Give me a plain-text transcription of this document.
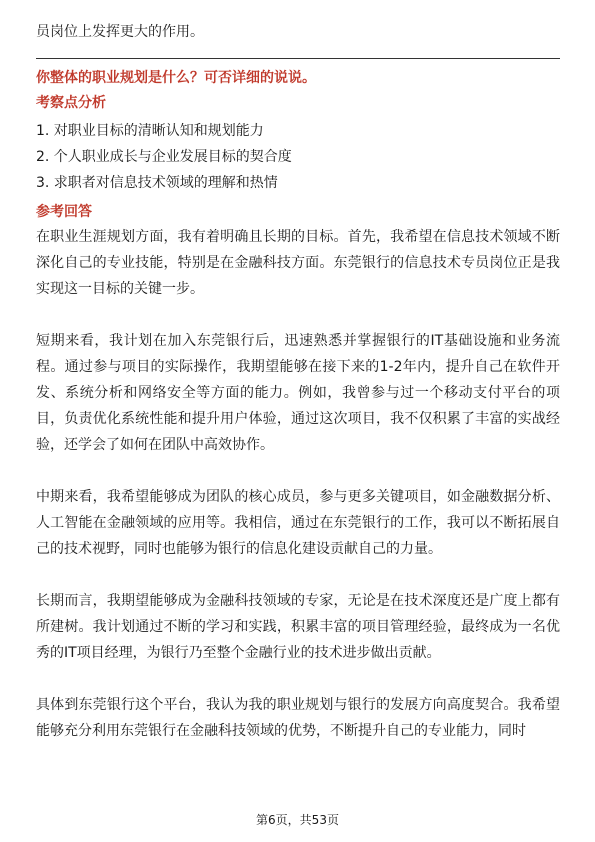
员岗位上发挥更大的作用。

你整体的职业规划是什么？可否详细的说说。

考察点分析

1. 对职业目标的清晰认知和规划能力
2. 个人职业成长与企业发展目标的契合度
3. 求职者对信息技术领域的理解和热情

参考回答

在职业生涯规划方面，我有着明确且长期的目标。首先，我希望在信息技术领域不断深化自己的专业技能，特别是在金融科技方面。东莞银行的信息技术专员岗位正是我实现这一目标的关键一步。

短期来看，我计划在加入东莞银行后，迅速熟悉并掌握银行的IT基础设施和业务流程。通过参与项目的实际操作，我期望能够在接下来的1-2年内，提升自己在软件开发、系统分析和网络安全等方面的能力。例如，我曾参与过一个移动支付平台的项目，负责优化系统性能和提升用户体验，通过这次项目，我不仅积累了丰富的实战经验，还学会了如何在团队中高效协作。

中期来看，我希望能够成为团队的核心成员，参与更多关键项目，如金融数据分析、人工智能在金融领域的应用等。我相信，通过在东莞银行的工作，我可以不断拓展自己的技术视野，同时也能够为银行的信息化建设贡献自己的力量。

长期而言，我期望能够成为金融科技领域的专家，无论是在技术深度还是广度上都有所建树。我计划通过不断的学习和实践，积累丰富的项目管理经验，最终成为一名优秀的IT项目经理，为银行乃至整个金融行业的技术进步做出贡献。

具体到东莞银行这个平台，我认为我的职业规划与银行的发展方向高度契合。我希望能够充分利用东莞银行在金融科技领域的优势，不断提升自己的专业能力，同时

第6页，共53页
